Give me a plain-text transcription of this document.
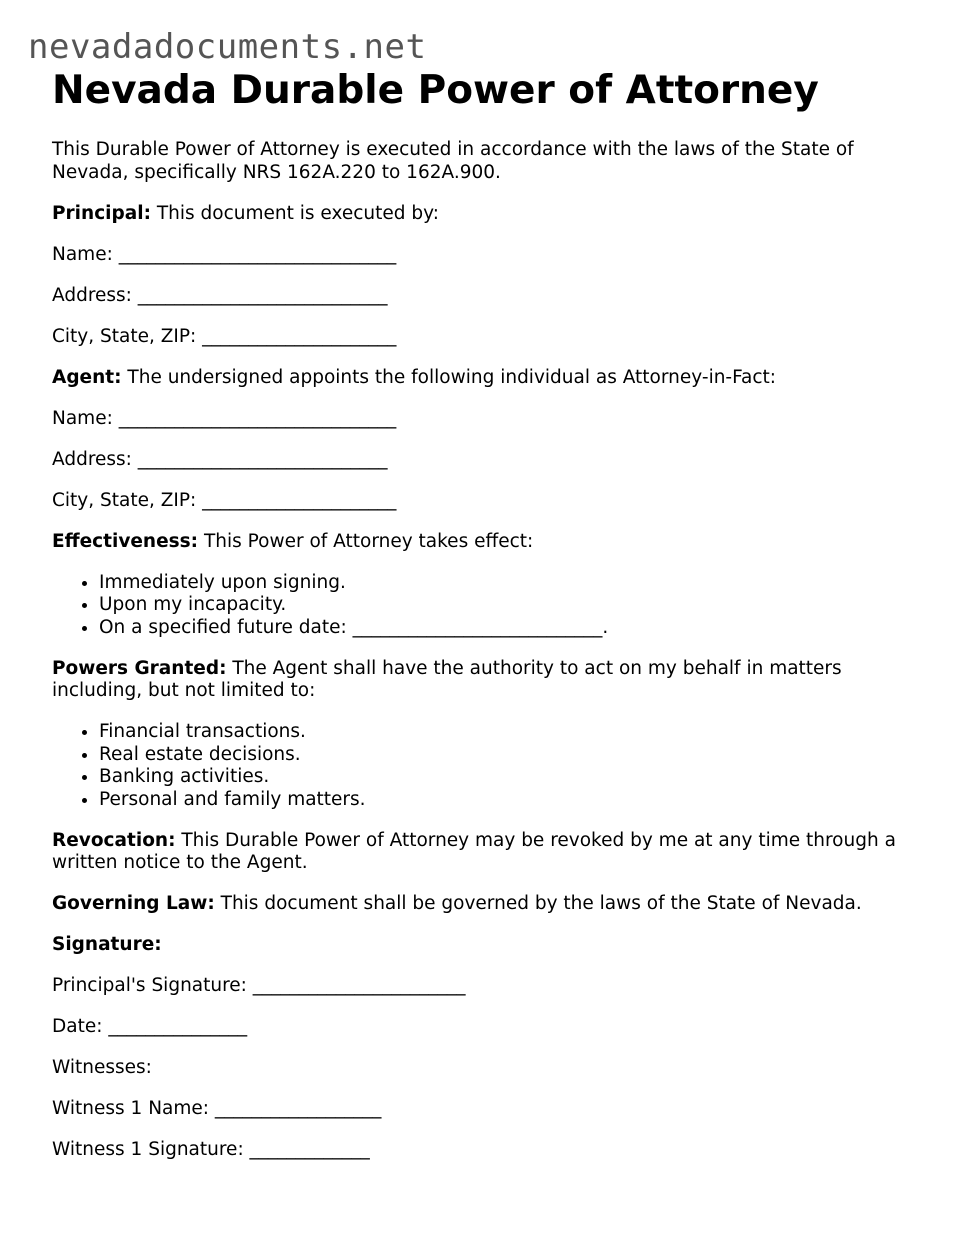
nevadadocuments.net
Nevada Durable Power of Attorney

This Durable Power of Attorney is executed in accordance with the laws of the State of Nevada, specifically NRS 162A.220 to 162A.900.

Principal: This document is executed by:

Name: ______________________________

Address: ___________________________

City, State, ZIP: _____________________

Agent: The undersigned appoints the following individual as Attorney-in-Fact:

Name: ______________________________

Address: ___________________________

City, State, ZIP: _____________________

Effectiveness: This Power of Attorney takes effect:

• Immediately upon signing.
• Upon my incapacity.
• On a specified future date: ___________________________.

Powers Granted: The Agent shall have the authority to act on my behalf in matters including, but not limited to:

• Financial transactions.
• Real estate decisions.
• Banking activities.
• Personal and family matters.

Revocation: This Durable Power of Attorney may be revoked by me at any time through a written notice to the Agent.

Governing Law: This document shall be governed by the laws of the State of Nevada.

Signature:

Principal's Signature: _______________________

Date: _______________

Witnesses:

Witness 1 Name: __________________

Witness 1 Signature: _____________
